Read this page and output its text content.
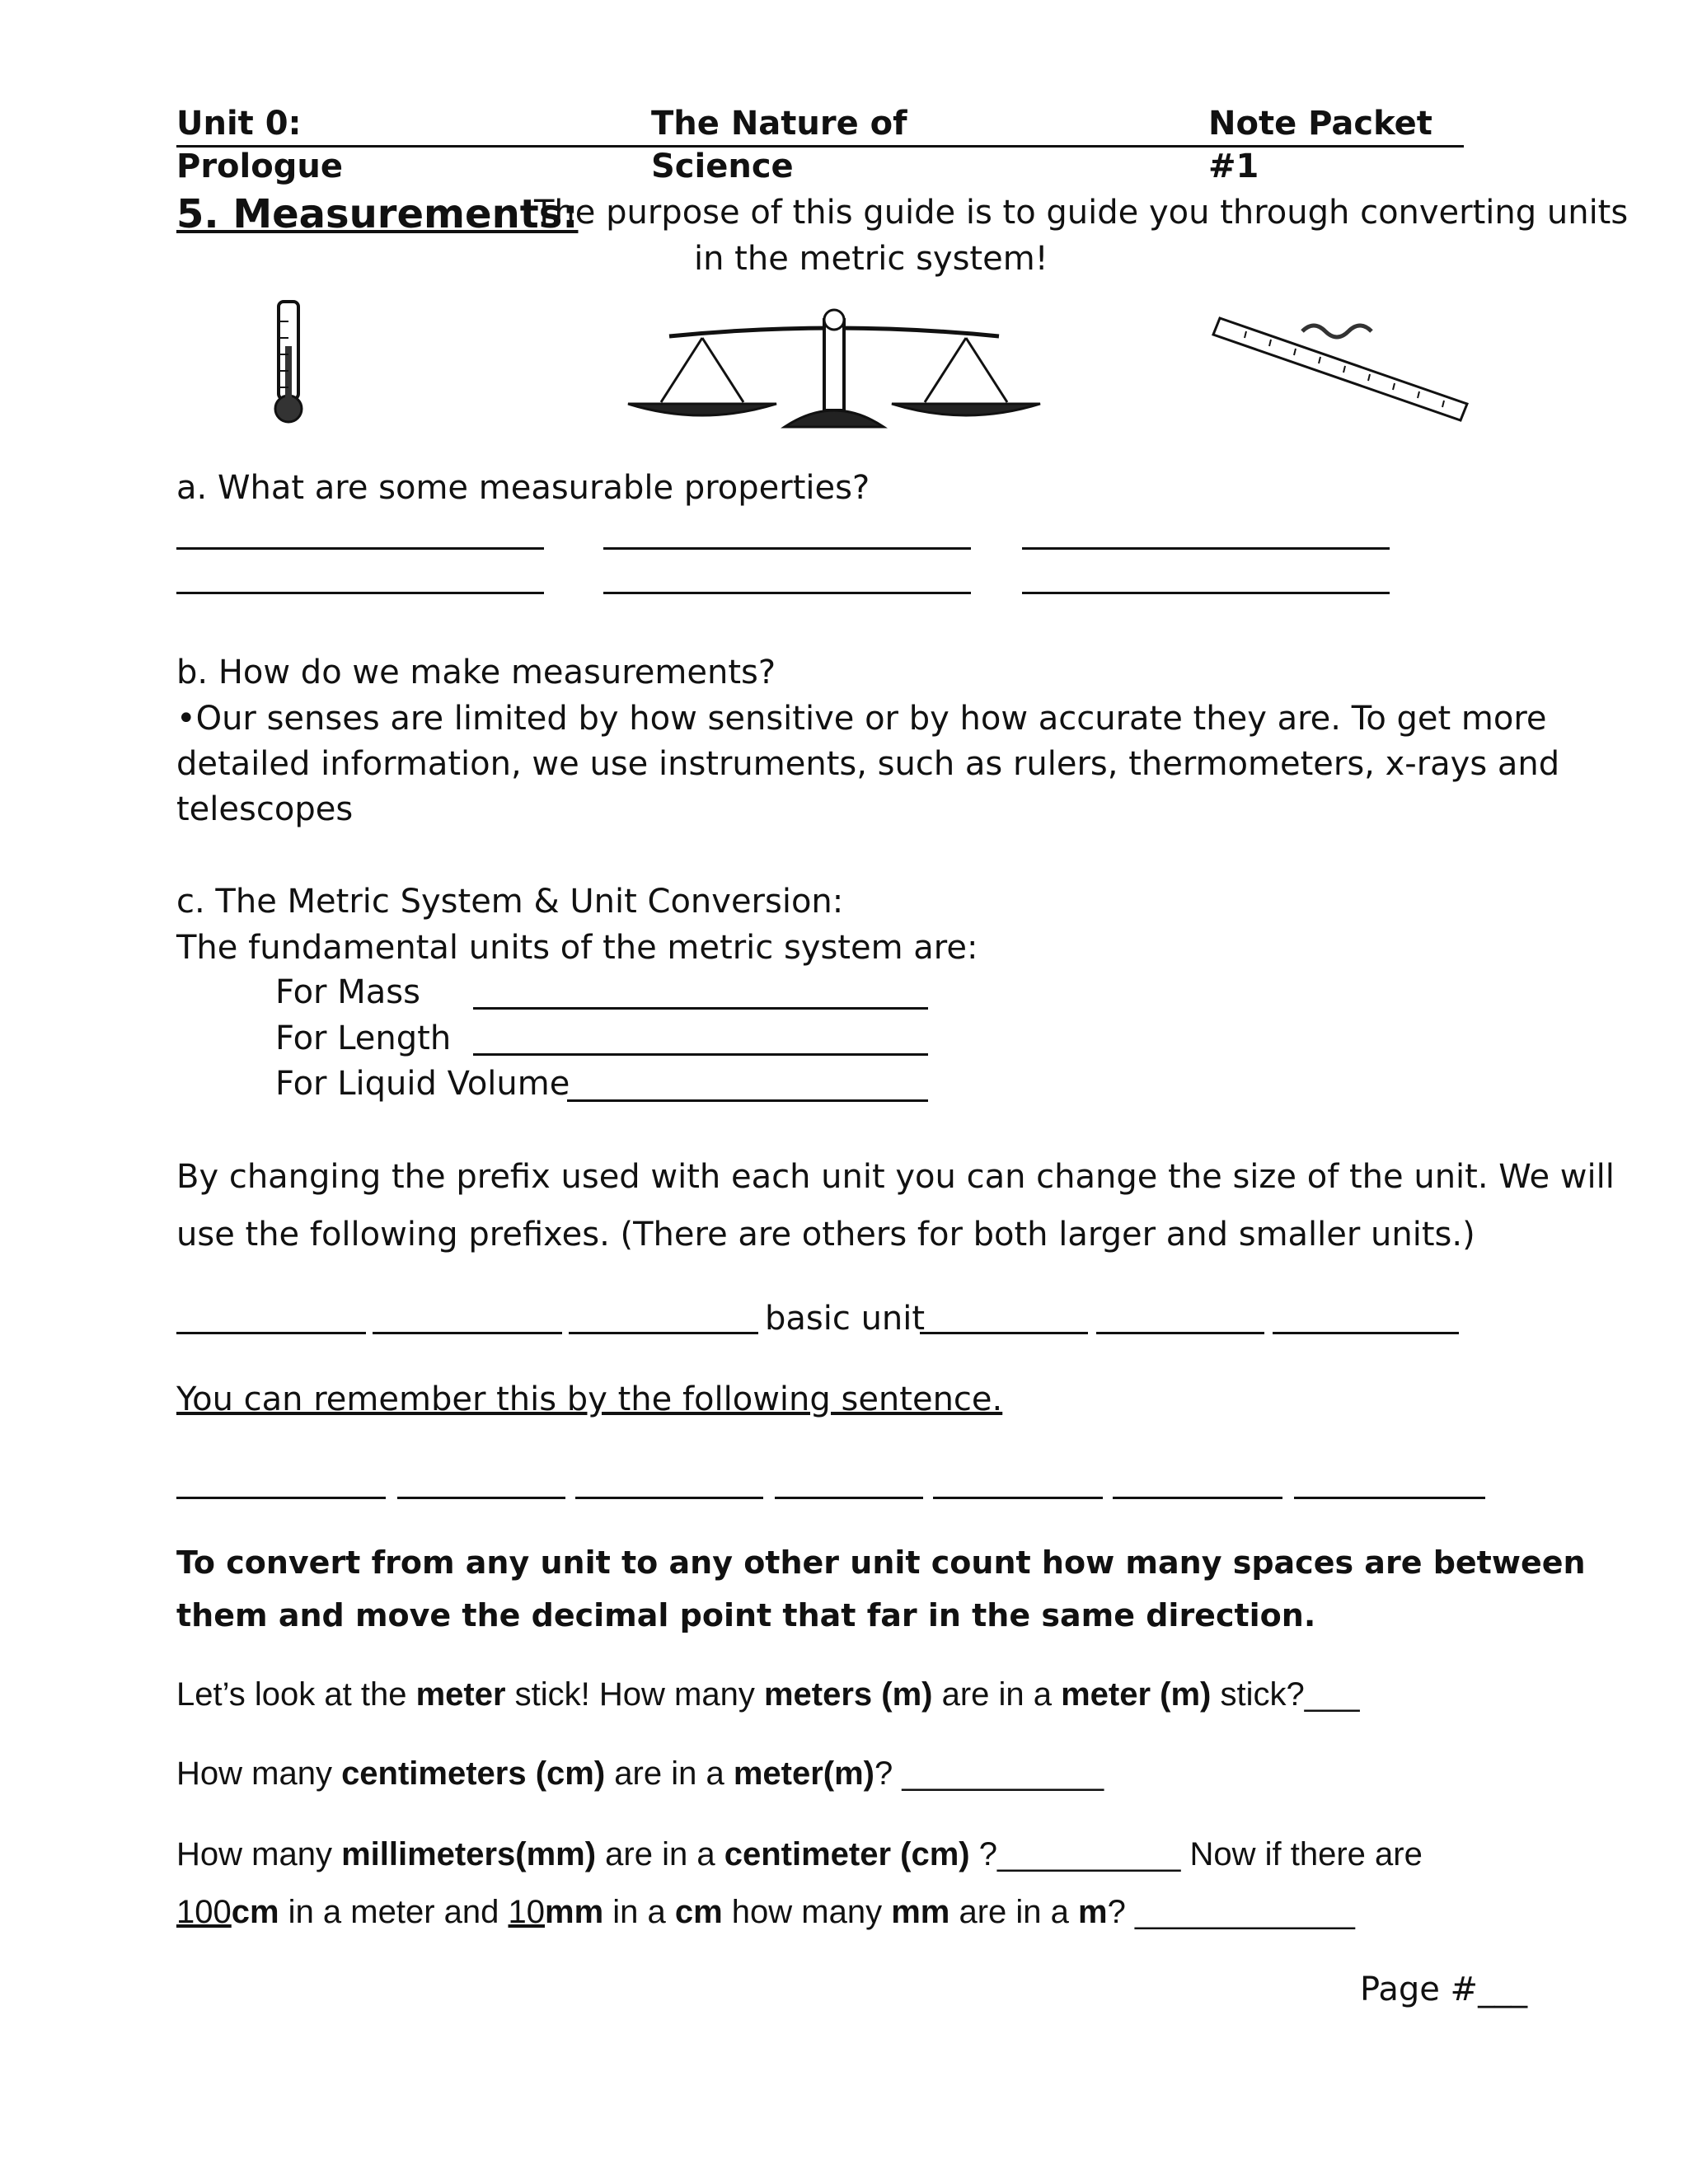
Unit 0: Prologue
The Nature of Science
Note Packet #1
5. Measurements:
The purpose of this guide is to guide you through converting units
in the metric system!
a. What are some measurable properties?
b. How do we make measurements?
•Our senses are limited by how sensitive or by how accurate they are. To get more
detailed information, we use instruments, such as rulers, thermometers, x-rays and
telescopes
c. The Metric System & Unit Conversion:
The fundamental units of the metric system are:
For Mass
For Length
For Liquid Volume
By changing the prefix used with each unit you can change the size of the unit. We will
use the following prefixes. (There are others for both larger and smaller units.)
basic unit
You can remember this by the following sentence.
To convert from any unit to any other unit count how many spaces are between
them and move the decimal point that far in the same direction.
Let’s look at the meter stick! How many meters (m) are in a meter (m) stick?___
How many centimeters (cm) are in a meter(m)? ___________
How many millimeters(mm) are in a centimeter (cm) ?__________ Now if there are
100cm in a meter and 10mm in a cm how many mm are in a m? ____________
Page #___
